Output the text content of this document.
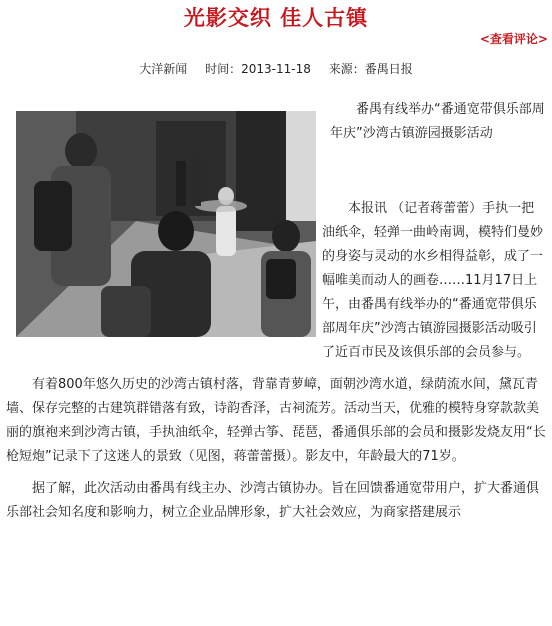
光影交织 佳人古镇
<查看评论>
大洋新闻 时间：2013-11-18 来源：番禺日报

番禺有线举办“番通宽带俱乐部周年庆”沙湾古镇游园摄影活动

本报讯 （记者蒋蕾蕾）手执一把油纸伞，轻弹一曲岭南调，模特们曼妙的身姿与灵动的水乡相得益彰，成了一幅唯美而动人的画卷……11月17日上午，由番禺有线举办的“番通宽带俱乐部周年庆”沙湾古镇游园摄影活动吸引了近百市民及该俱乐部的会员参与。

有着800年悠久历史的沙湾古镇村落，背靠青萝嶂，面朝沙湾水道，绿荫流水间，黛瓦青墙、保存完整的古建筑群错落有致，诗韵香泽，古祠流芳。活动当天，优雅的模特身穿款款美丽的旗袍来到沙湾古镇，手执油纸伞，轻弹古筝、琵琶，番通俱乐部的会员和摄影发烧友用“长枪短炮”记录下了这迷人的景致（见图，蒋蕾蕾摄）。影友中，年龄最大的71岁。

据了解，此次活动由番禺有线主办、沙湾古镇协办。旨在回馈番通宽带用户，扩大番通俱乐部社会知名度和影响力，树立企业品牌形象，扩大社会效应，为商家搭建展示
